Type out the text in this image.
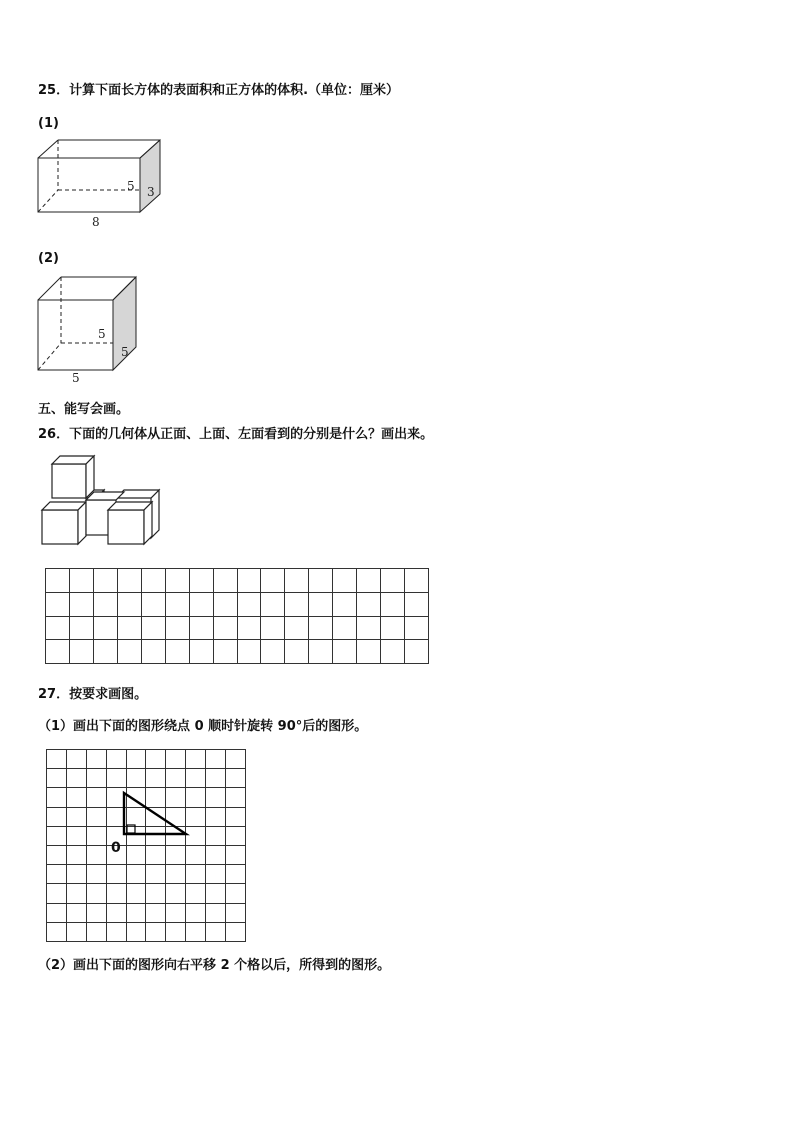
25．计算下面长方体的表面积和正方体的体积.（单位：厘米）
(1)
8
5 3
(2)
5
5
5
五、能写会画。
26．下面的几何体从正面、上面、左面看到的分别是什么？画出来。

27．按要求画图。
（1）画出下面的图形绕点 0 顺时针旋转 90°后的图形。

0
（2）画出下面的图形向右平移 2 个格以后，所得到的图形。
